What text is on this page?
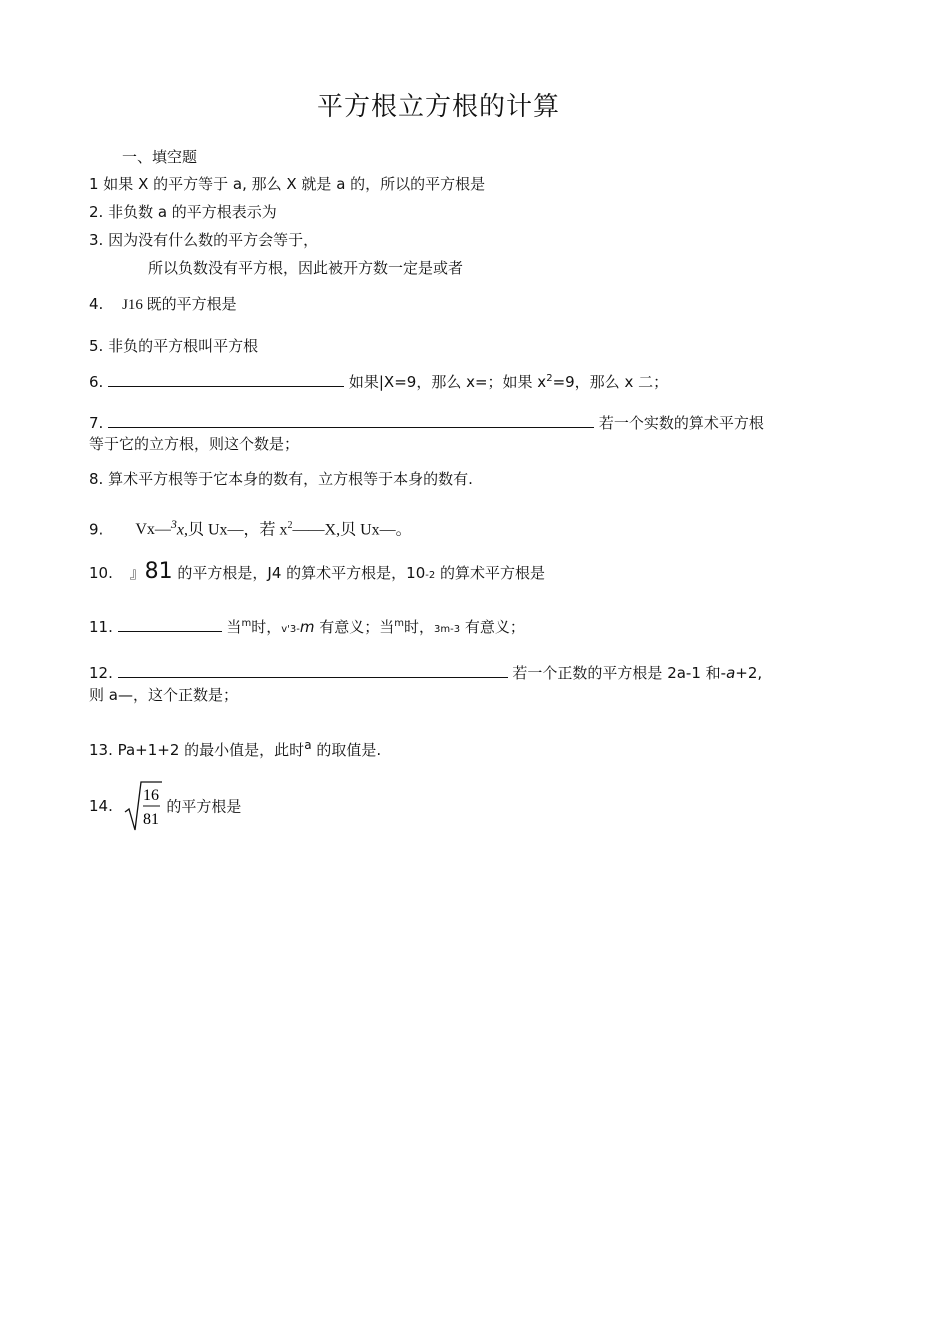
平方根立方根的计算
一、填空题
1 如果 X 的平方等于 a, 那么 X 就是 a 的，所以的平方根是
2. 非负数 a 的平方根表示为
3. 因为没有什么数的平方会等于，
所以负数没有平方根，因此被开方数一定是或者
4. J16 既的平方根是
5. 非负的平方根叫平方根
6.	如果|X=9，那么 x=；如果 $x^2=9$，那么 x 二；
7.	若一个实数的算术平方根
等于它的立方根，则这个数是；
8. 算术平方根等于它本身的数有，立方根等于本身的数有.
9. Vx—$^3$x,贝 Ux—，若 $x^2——X$,贝 Ux—。
10. 』81 的平方根是，J4 的算术平方根是，10-2 的算术平方根是
11.	当$^m$时，v'3-m 有意义；当$^m$时，3m-3 有意义；
12.	若一个正数的平方根是 2a-1 和-a+2,
则 a—，这个正数是；
13. Pa+1+2 的最小值是，此时$^a$ 的取值是.
14.
16
81
的平方根是
